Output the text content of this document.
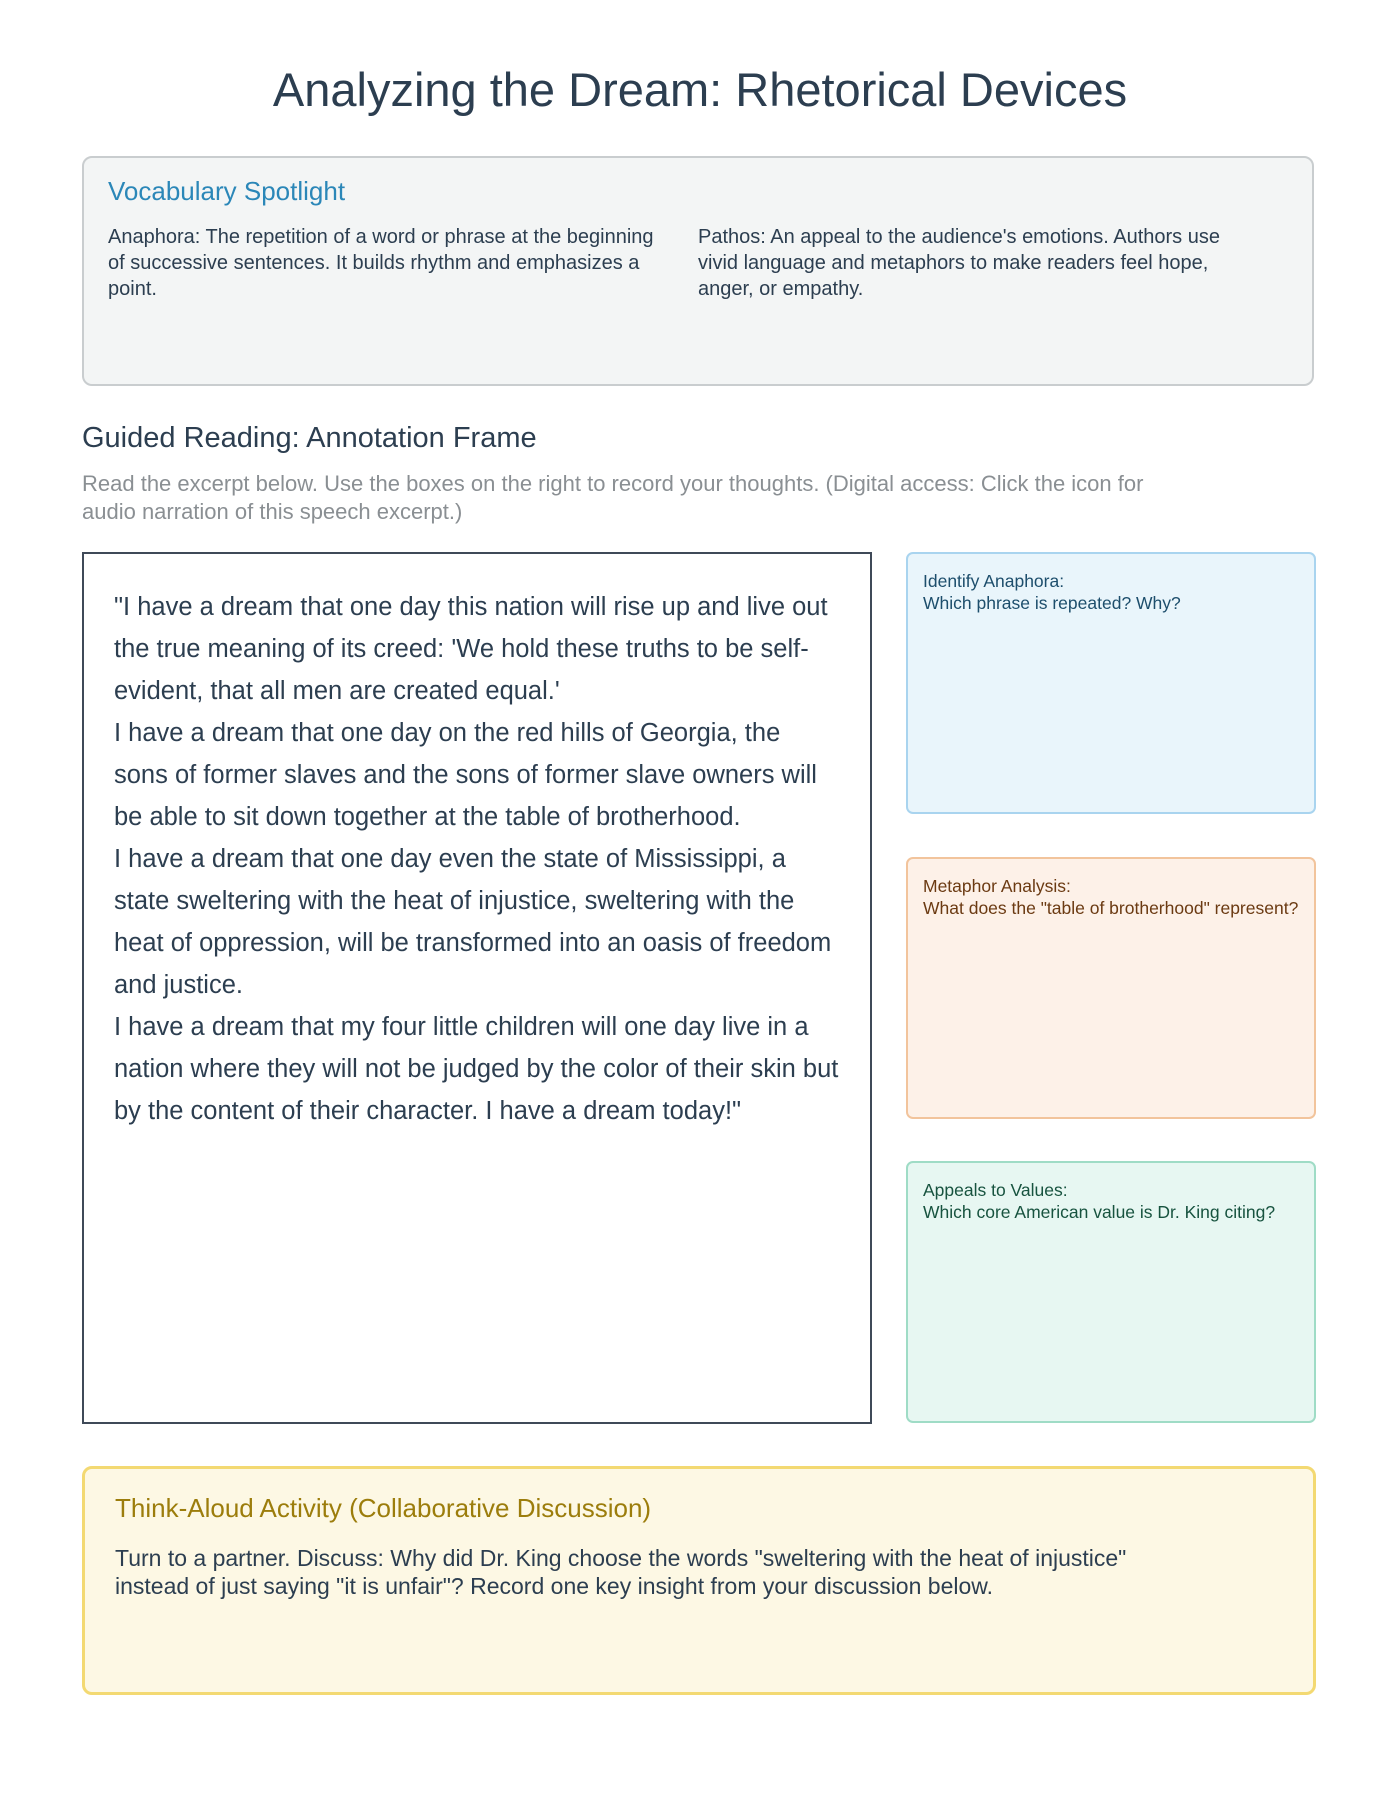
Analyzing the Dream: Rhetorical Devices
Vocabulary Spotlight
Anaphora: The repetition of a word or phrase at the beginning of successive sentences. It builds rhythm and emphasizes a point.
Pathos: An appeal to the audience's emotions. Authors use vivid language and metaphors to make readers feel hope, anger, or empathy.
Guided Reading: Annotation Frame
Read the excerpt below. Use the boxes on the right to record your thoughts. (Digital access: Click the icon for audio narration of this speech excerpt.)

"I have a dream that one day this nation will rise up and live out the true meaning of its creed: 'We hold these truths to be self-evident, that all men are created equal.'

I have a dream that one day on the red hills of Georgia, the sons of former slaves and the sons of former slave owners will be able to sit down together at the table of brotherhood.

I have a dream that one day even the state of Mississippi, a state sweltering with the heat of injustice, sweltering with the heat of oppression, will be transformed into an oasis of freedom and justice.

I have a dream that my four little children will one day live in a nation where they will not be judged by the color of their skin but by the content of their character. I have a dream today!"

Identify Anaphora:
Which phrase is repeated? Why?
Metaphor Analysis:
What does the "table of brotherhood" represent?
Appeals to Values:
Which core American value is Dr. King citing?
Think-Aloud Activity (Collaborative Discussion)
Turn to a partner. Discuss: Why did Dr. King choose the words "sweltering with the heat of injustice" instead of just saying "it is unfair"? Record one key insight from your discussion below.
